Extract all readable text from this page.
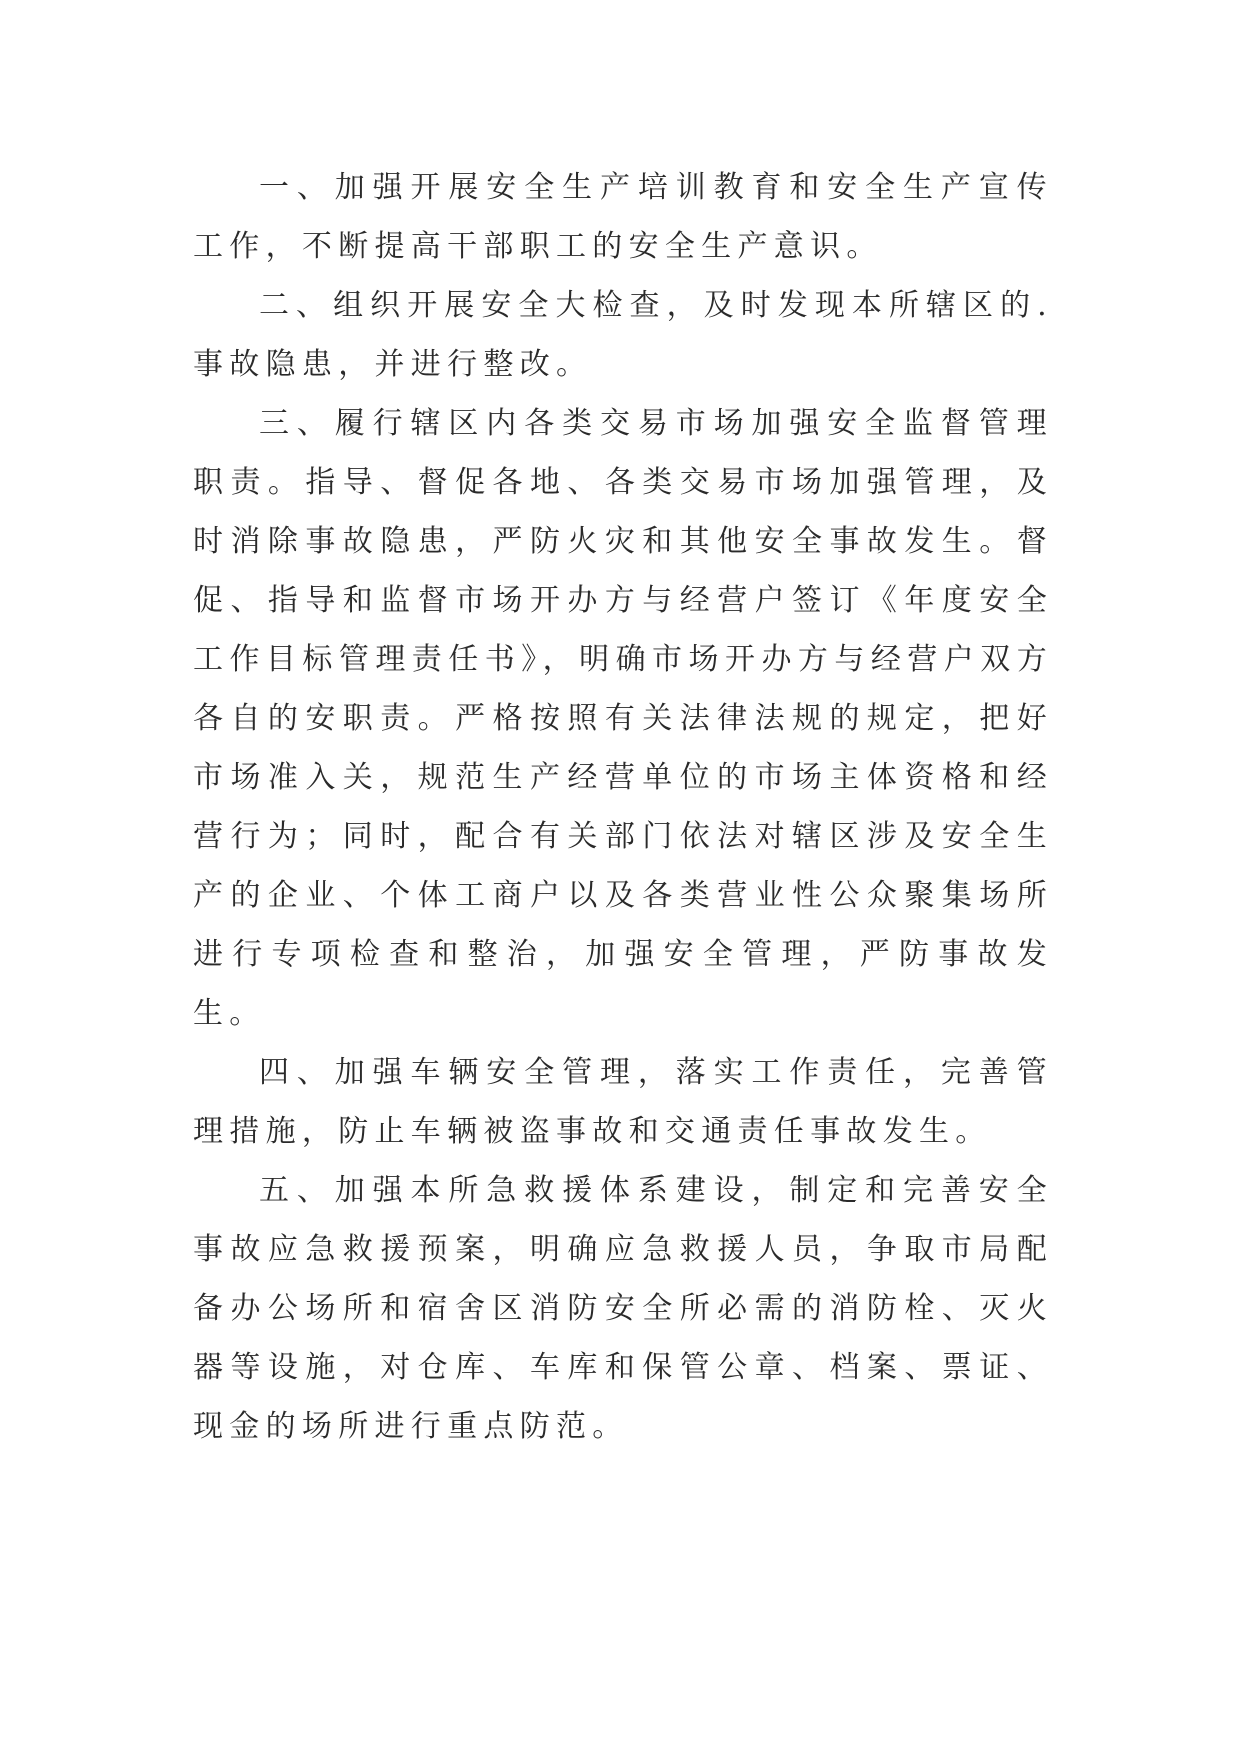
一、加强开展安全生产培训教育和安全生产宣传工作，不断提高干部职工的安全生产意识。

二、组织开展安全大检查，及时发现本所辖区的.事故隐患，并进行整改。

三、履行辖区内各类交易市场加强安全监督管理职责。指导、督促各地、各类交易市场加强管理，及时消除事故隐患，严防火灾和其他安全事故发生。督促、指导和监督市场开办方与经营户签订《年度安全工作目标管理责任书》，明确市场开办方与经营户双方各自的安职责。严格按照有关法律法规的规定，把好市场准入关，规范生产经营单位的市场主体资格和经营行为；同时，配合有关部门依法对辖区涉及安全生产的企业、个体工商户以及各类营业性公众聚集场所进行专项检查和整治，加强安全管理，严防事故发生。

四、加强车辆安全管理，落实工作责任，完善管理措施，防止车辆被盗事故和交通责任事故发生。

五、加强本所急救援体系建设，制定和完善安全事故应急救援预案，明确应急救援人员，争取市局配备办公场所和宿舍区消防安全所必需的消防栓、灭火器等设施，对仓库、车库和保管公章、档案、票证、现金的场所进行重点防范。
